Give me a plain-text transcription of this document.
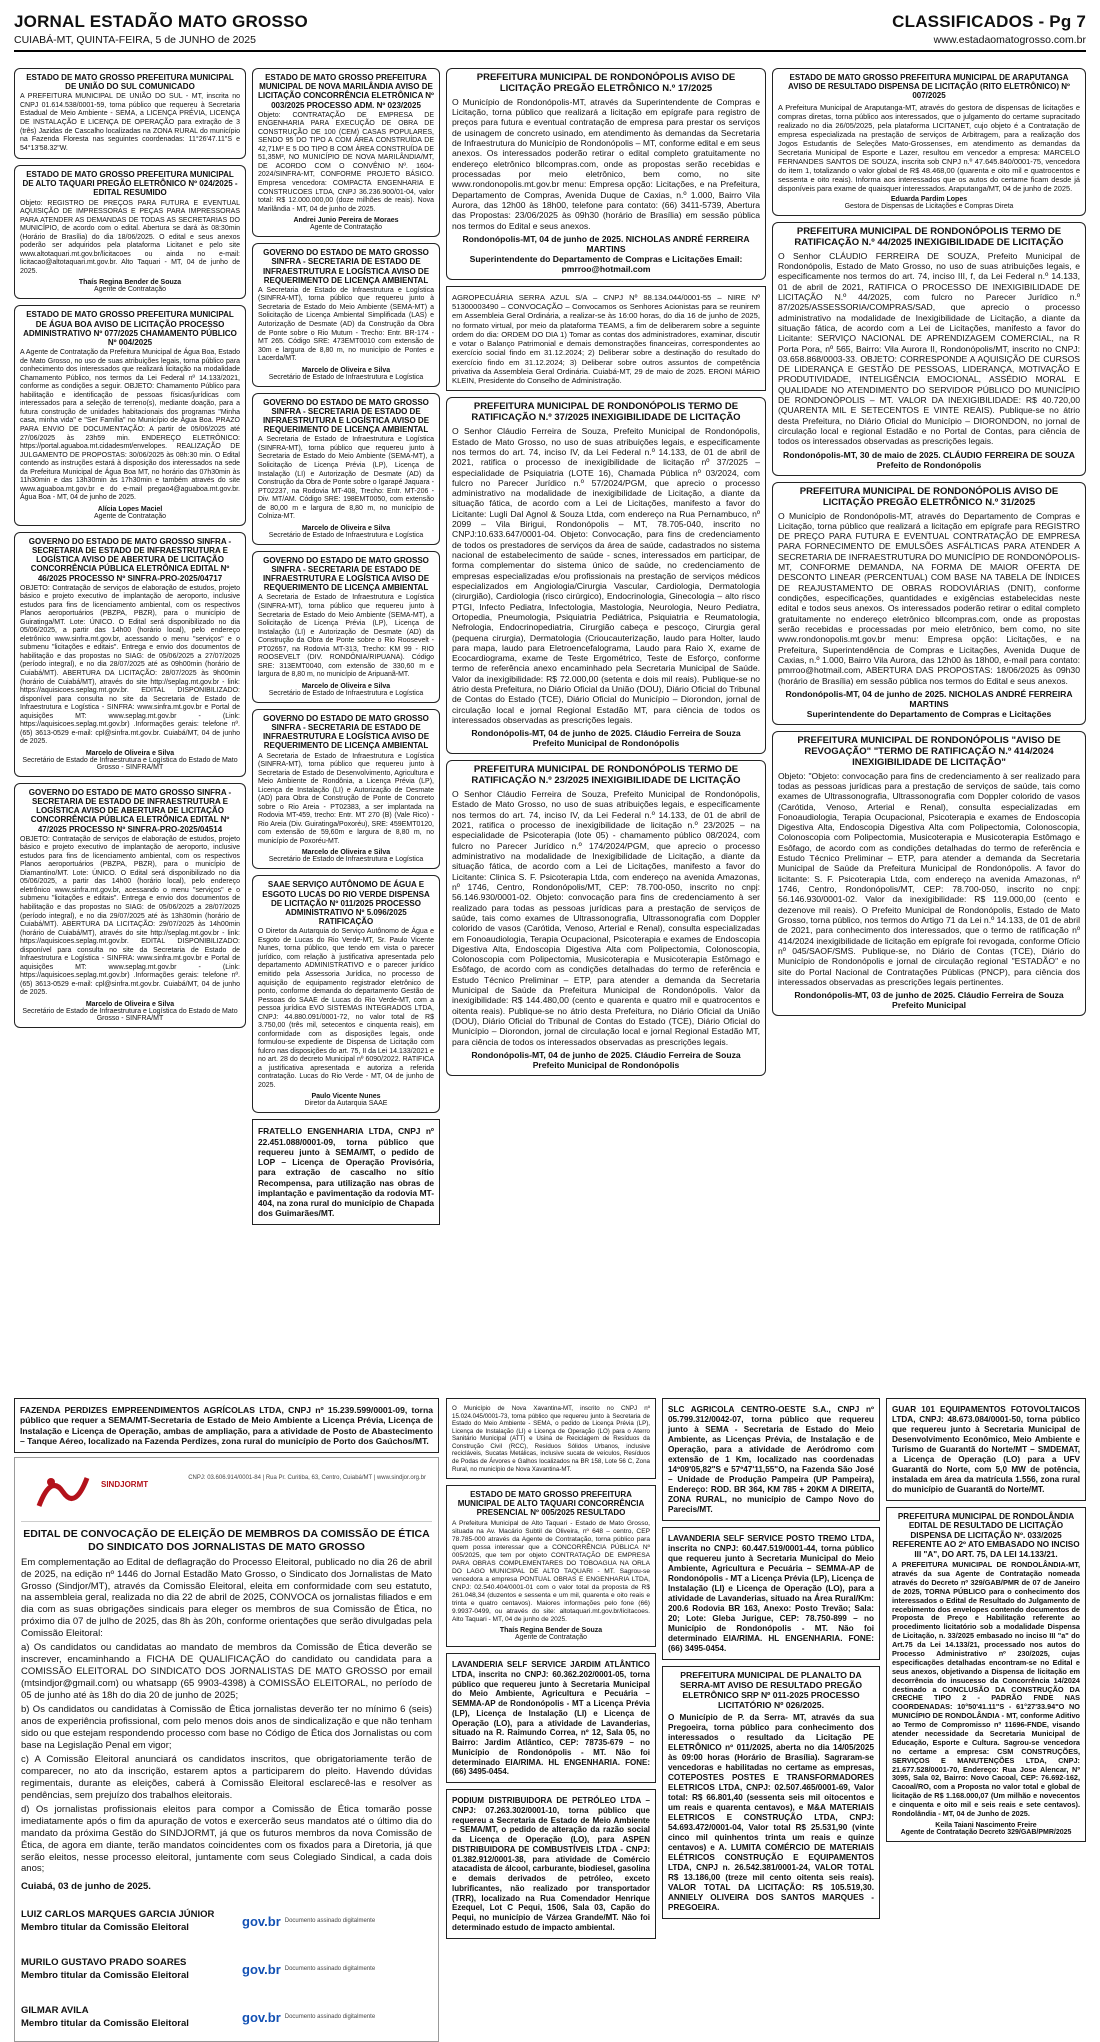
JORNAL ESTADÃO MATO GROSSO
CUIABÁ-MT, QUINTA-FEIRA, 5 de JUNHO de 2025
CLASSIFICADOS - Pg 7
www.estadaomatogrosso.com.br
ESTADO DE MATO GROSSO PREFEITURA MUNICIPAL DE UNIÃO DO SUL COMUNICADO

A PREFEITURA MUNICIPAL DE UNIÃO DO SUL - MT, inscrita no CNPJ 01.614.538/0001-59, torna público que requereu à Secretaria Estadual de Meio Ambiente - SEMA, a LICENÇA PRÉVIA, LICENÇA DE INSTALAÇÃO E LICENÇA DE OPERAÇÃO para extração de 3 (três) Jazidas de Cascalho localizadas na ZONA RURAL do município na Fazenda Floresta nas seguintes coordenadas: 11°26'47.11"S e 54°13'58.32"W.

ESTADO DE MATO GROSSO PREFEITURA MUNICIPAL DE ALTO TAQUARI PREGÃO ELETRÔNICO Nº 024/2025 - EDITAL RESUMIDO

Objeto: REGISTRO DE PREÇOS PARA FUTURA E EVENTUAL AQUISIÇÃO DE IMPRESSORAS E PEÇAS PARA IMPRESSORAS PARA ATENDER AS DEMANDAS DE TODAS AS SECRETARIAS DO MUNICÍPIO, de acordo com o edital. Abertura se dará às 08:30min (Horário de Brasília) do dia 18/06/2025. O edital e seus anexos poderão ser adquiridos pela plataforma Licitanet e pelo site www.altotaquari.mt.gov.br/licitacoes ou ainda no e-mail: licitacao@altotaquari.mt.gov.br. Alto Taquari - MT, 04 de junho de 2025.

Thaís Regina Bender de Souza
Agente de Contratação
ESTADO DE MATO GROSSO PREFEITURA MUNICIPAL DE ÁGUA BOA AVISO DE LICITAÇÃO PROCESSO ADMINISTRATIVO Nº 077/2025 CHAMAMENTO PÚBLICO Nº 004/2025

A Agente de Contratação da Prefeitura Municipal de Água Boa, Estado de Mato Grosso, no uso de suas atribuições legais, torna público para conhecimento dos interessados que realizará licitação na modalidade Chamamento Público, nos termos da Lei Federal nº 14.133/2021, conforme as condições a seguir. OBJETO: Chamamento Público para habilitação e identificação de pessoas físicas/jurídicas com interessados para a seleção de terreno(s), mediante doação, para a futura construção de unidades habitacionais dos programas "Minha casa, minha vida" e "Ser Família" no Município de Água Boa. PRAZO PARA ENVIO DE DOCUMENTAÇÃO: A partir de 05/06/2025 até 27/06/2025 às 23h59 min. ENDEREÇO ELETRÔNICO: https://portal.aguaboa.mt.cidadesmt/envelopes. REALIZAÇÃO DE JULGAMENTO DE PROPOSTAS: 30/06/2025 às 08h:30 min. O Edital contendo as instruções estará à disposição dos interessados na sede da Prefeitura Municipal de Água Boa MT, no horário das 07h30min às 11h30min e das 13h30min às 17h30min e também através do site www.aguaboa.mt.gov.br e do e-mail pregao4@aguaboa.mt.gov.br. Água Boa - MT, 04 de junho de 2025.

Alícia Lopes Maciel
Agente de Contratação
GOVERNO DO ESTADO DE MATO GROSSO SINFRA - SECRETARIA DE ESTADO DE INFRAESTRUTURA E LOGÍSTICA AVISO DE ABERTURA DE LICITAÇÃO CONCORRÊNCIA PÚBLICA ELETRÔNICA EDITAL Nº 46/2025 PROCESSO Nº SINFRA-PRO-2025/04717

OBJETO: Contratação de serviços de elaboração de estudos, projeto básico e projeto executivo de implantação de aeroporto, inclusive estudos para fins de licenciamento ambiental, com os respectivos Planos aeroportuários (PBZPA, PBZR), para o município de Guiratinga/MT. Lote: ÚNICO. O Edital será disponibilizado no dia 05/06/2025, a partir das 14h00 (horário local), pelo endereço eletrônico www.sinfra.mt.gov.br, acessando o menu "serviços" e o submenu "licitações e editais". Entrega e envio dos documentos de habilitação e das propostas no SIAG: de 05/06/2025 a 27/07/2025 (período integral), e no dia 28/07/2025 até as 09h00min (horário de Cuiabá/MT). ABERTURA DA LICITAÇÃO: 28/07/2025 às 9h00min (horário de Cuiabá/MT), através do site http://seplag.mt.gov.br - link: https://aquisicoes.seplag.mt.gov.br. EDITAL DISPONIBILIZADO: disponível para consulta no site da Secretaria de Estado de Infraestrutura e Logística - SINFRA: www.sinfra.mt.gov.br e Portal de aquisições MT: www.seplag.mt.gov.br - (Link: https://aquisicoes.seplag.mt.gov.br) .Informações gerais: telefone nº. (65) 3613-0529 e-mail: cpl@sinfra.mt.gov.br. Cuiabá/MT, 04 de junho de 2025.

Marcelo de Oliveira e Silva
Secretário de Estado de Infraestrutura e Logística do Estado de Mato Grosso - SINFRA/MT
GOVERNO DO ESTADO DE MATO GROSSO SINFRA - SECRETARIA DE ESTADO DE INFRAESTRUTURA E LOGÍSTICA AVISO DE ABERTURA DE LICITAÇÃO CONCORRÊNCIA PÚBLICA ELETRÔNICA EDITAL Nº 47/2025 PROCESSO Nº SINFRA-PRO-2025/04514

OBJETO: Contratação de serviços de elaboração de estudos, projeto básico e projeto executivo de implantação de aeroporto, inclusive estudos para fins de licenciamento ambiental, com os respectivos Planos aeroportuários (PBZPA, PBZR), para o município de Diamantino/MT. Lote: ÚNICO. O Edital será disponibilizado no dia 05/06/2025, a partir das 14h00 (horário local), pelo endereço eletrônico www.sinfra.mt.gov.br, acessando o menu "serviços" e o submenu "licitações e editais". Entrega e envio dos documentos de habilitação e das propostas no SIAG: de 05/06/2025 a 28/07/2025 (período integral), e no dia 29/07/2025 até às 13h30min (horário de Cuiabá/MT). ABERTURA DA LICITAÇÃO: 29/07/2025 às 14h00min (horário de Cuiabá/MT), através do site http://seplag.mt.gov.br - link: https://aquisicoes.seplag.mt.gov.br. EDITAL DISPONIBILIZADO: disponível para consulta no site da Secretaria de Estado de Infraestrutura e Logística - SINFRA: www.sinfra.mt.gov.br e Portal de aquisições MT: www.seplag.mt.gov.br - (Link: https://aquisicoes.seplag.mt.gov.br) .Informações gerais: telefone nº. (65) 3613-0529 e-mail: cpl@sinfra.mt.gov.br. Cuiabá/MT, 04 de junho de 2025.

Marcelo de Oliveira e Silva
Secretário de Estado de Infraestrutura e Logística do Estado de Mato Grosso - SINFRA/MT
ESTADO DE MATO GROSSO PREFEITURA MUNICIPAL DE NOVA MARILÂNDIA AVISO DE LICITAÇÃO CONCORRÊNCIA ELETRÔNICA Nº 003/2025 PROCESSO ADM. Nº 023/2025

Objeto: CONTRATAÇÃO DE EMPRESA DE ENGENHARIA PARA EXECUÇÃO DE OBRA DE CONSTRUÇÃO DE 100 (CEM) CASAS POPULARES, SENDO 95 DO TIPO A COM ÁREA CONSTRUÍDA DE 42,71M² E 5 DO TIPO B COM ÁREA CONSTRUÍDA DE 51,35M², NO MUNICÍPIO DE NOVA MARILÂNDIA/MT, DE ACORDO COM O CONVÊNIO Nº. 1604-2024/SINFRA-MT, CONFORME PROJETO BÁSICO. Empresa vencedora: COMPACTA ENGENHARIA E CONSTRUCOES LTDA, CNPJ 36.236.900/01-04, valor total: R$ 12.000.000,00 (doze milhões de reais). Nova Marilândia - MT, 04 de junho de 2025.

Andrei Junio Pereira de Moraes
Agente de Contratação
GOVERNO DO ESTADO DE MATO GROSSO SINFRA - SECRETARIA DE ESTADO DE INFRAESTRUTURA E LOGÍSTICA AVISO DE REQUERIMENTO DE LICENÇA AMBIENTAL

A Secretaria de Estado de Infraestrutura e Logística (SINFRA-MT), torna público que requereu junto à Secretaria de Estado do Meio Ambiente (SEMA-MT) a Solicitação de Licença Ambiental Simplificada (LAS) e Autorização de Desmate (AD) da Construção da Obra de Ponte sobre o Rio Mutum - Trecho: Entr. BR-174 - MT 265. Código SRE: 473EMT0010 com extensão de 30m e largura de 8,80 m, no município de Pontes e Lacerda/MT.

Marcelo de Oliveira e Silva
Secretário de Estado de Infraestrutura e Logística
GOVERNO DO ESTADO DE MATO GROSSO SINFRA - SECRETARIA DE ESTADO DE INFRAESTRUTURA E LOGÍSTICA AVISO DE REQUERIMENTO DE LICENÇA AMBIENTAL

A Secretaria de Estado de Infraestrutura e Logística (SINFRA-MT), torna público que requereu junto à Secretaria de Estado do Meio Ambiente (SEMA-MT), a Solicitação de Licença Prévia (LP), Licença de Instalação (LI) e Autorização de Desmate (AD) da Construção da Obra de Ponte sobre o Igarapé Jaquara - PT02237, na Rodovia MT-408, Trecho: Entr. MT-206 - Div. MT/AM. Código SRE: 198EMT0050, com extensão de 80,00 m e largura de 8,80 m, no município de Colniza-MT.

Marcelo de Oliveira e Silva
Secretário de Estado de Infraestrutura e Logística
GOVERNO DO ESTADO DE MATO GROSSO SINFRA - SECRETARIA DE ESTADO DE INFRAESTRUTURA E LOGÍSTICA AVISO DE REQUERIMENTO DE LICENÇA AMBIENTAL

A Secretaria de Estado de Infraestrutura e Logística (SINFRA-MT), torna público que requereu junto à Secretaria de Estado do Meio Ambiente (SEMA-MT), a Solicitação de Licença Prévia (LP), Licença de Instalação (LI) e Autorização de Desmate (AD) da Construção da Obra de Ponte sobre o Rio Roosevelt - PT02657, na Rodovia MT-313, Trecho: KM 99 - RIO ROOSEVELT (DIV. RONDÔNIA/RIPUANA). Código SRE: 313EMT0040, com extensão de 330,60 m e largura de 8,80 m, no município de Aripuanã-MT.

Marcelo de Oliveira e Silva
Secretário de Estado de Infraestrutura e Logística
GOVERNO DO ESTADO DE MATO GROSSO SINFRA - SECRETARIA DE ESTADO DE INFRAESTRUTURA E LOGÍSTICA AVISO DE REQUERIMENTO DE LICENÇA AMBIENTAL

A Secretaria de Estado de Infraestrutura e Logística (SINFRA-MT), torna público que requereu junto à Secretaria de Estado de Desenvolvimento, Agricultura e Meio Ambiente de Rondônia, a Licença Prévia (LP), Licença de Instalação (LI) e Autorização de Desmate (AD) para Obra de Construção de Ponte de Concreto sobre o Rio Areia - PT02383, a ser implantada na Rodovia MT-459, trecho: Entr. MT 270 (B) (Vale Rico) - Rio Areia (Div. Guiratinga/Poxoréu), SRE: 459EMT0120, com extensão de 59,60m e largura de 8,80 m, no município de Poxoréu-MT.

Marcelo de Oliveira e Silva
Secretário de Estado de Infraestrutura e Logística
SAAE SERVIÇO AUTÔNOMO DE ÁGUA E ESGOTO LUCAS DO RIO VERDE DISPENSA DE LICITAÇÃO Nº 011/2025 PROCESSO ADMINISTRATIVO Nº 5.096/2025 RATIFICAÇÃO

O Diretor da Autarquia do Serviço Autônomo de Água e Esgoto de Lucas do Rio Verde-MT, Sr. Paulo Vicente Nunes, torna público, que tendo em vista o parecer jurídico, com relação à justificativa apresentada pelo departamento ADMINISTRATIVO e o parecer jurídico emitido pela Assessoria Jurídica, no processo de aquisição de equipamento registrador eletrônico de ponto, conforme demanda do departamento Gestão de Pessoas do SAAE de Lucas do Rio Verde-MT, com a pessoa jurídica EVO SISTEMAS INTEGRADOS LTDA, CNPJ: 44.880.091/0001-72, no valor total de R$ 3.750,00 (três mil, setecentos e cinquenta reais), em conformidade com as disposições legais, onde formulou-se expediente de Dispensa de Licitação com fulcro nas disposições do art. 75, II da Lei 14.133/2021 e no art. 28 do decreto Municipal nº 6090/2022. RATIFICA a justificativa apresentada e autoriza a referida contratação. Lucas do Rio Verde - MT, 04 de junho de 2025.

Paulo Vicente Nunes
Diretor da Autarquia SAAE

FRATELLO ENGENHARIA LTDA, CNPJ nº 22.451.088/0001-09, torna público que requereu junto à SEMA/MT, o pedido de LOP – Licença de Operação Provisória, para extração de cascalho no sítio Recompensa, para utilização nas obras de implantação e pavimentação da rodovia MT-404, na zona rural do município de Chapada dos Guimarães/MT.

PREFEITURA MUNICIPAL DE RONDONÓPOLIS AVISO DE LICITAÇÃO PREGÃO ELETRÔNICO N.º 17/2025

O Município de Rondonópolis-MT, através da Superintendente de Compras e Licitação, torna público que realizará a licitação em epígrafe para registro de preços para futura e eventual contratação de empresa para prestar os serviços de usinagem de concreto usinado, em atendimento às demandas da Secretaria de Infraestrutura do Município de Rondonópolis – MT, conforme edital e em seus anexos. Os interessados poderão retirar o edital completo gratuitamente no endereço eletrônico bllcompras.com, onde as propostas serão recebidas e processadas por meio eletrônico, bem como, no site www.rondonopolis.mt.gov.br menu: Empresa opção: Licitações, e na Prefeitura, Departamento de Compras, Avenida Duque de Caxias, n.º 1.000, Bairro Vila Aurora, das 12h00 às 18h00, telefone para contato: (66) 3411-5739, Abertura das Propostas: 23/06/2025 às 09h30 (horário de Brasília) em sessão pública nos termos do Edital e seus anexos.

Rondonópolis-MT, 04 de junho de 2025. NICHOLAS ANDRÉ FERREIRA MARTINS
Superintendente do Departamento de Compras e Licitações Email: pmrroo@hotmail.com

AGROPECUÁRIA SERRA AZUL S/A – CNPJ Nº 88.134.044/0001-55 – NIRE Nº 51300003490 – CONVOCAÇÃO – Convocamos os Senhores Acionistas para se reunirem em Assembleia Geral Ordinária, a realizar-se às 16:00 horas, do dia 16 de junho de 2025, no formato virtual, por meio da plataforma TEAMS, a fim de deliberarem sobre a seguinte ordem do dia: ORDEM DO DIA 1) Tomar as contas dos administradores, examinar, discutir e votar o Balanço Patrimonial e demais demonstrações financeiras, correspondentes ao exercício social findo em 31.12.2024; 2) Deliberar sobre a destinação do resultado do exercício findo em 31.12.2024; 3) Deliberar sobre outros assuntos de competência privativa da Assembleia Geral Ordinária. Cuiabá-MT, 29 de maio de 2025. ERONI MÁRIO KLEIN, Presidente do Conselho de Administração.

PREFEITURA MUNICIPAL DE RONDONÓPOLIS TERMO DE RATIFICAÇÃO N.º 37/2025 INEXIGIBILIDADE DE LICITAÇÃO

O Senhor Cláudio Ferreira de Souza, Prefeito Municipal de Rondonópolis, Estado de Mato Grosso, no uso de suas atribuições legais, e especificamente nos termos do art. 74, inciso IV, da Lei Federal n.º 14.133, de 01 de abril de 2021, ratifica o processo de inexigibilidade de licitação nº 37/2025 – especialidade de Psiquiatria (LOTE 16), Chamada Pública nº 03/2024, com fulcro no Parecer Jurídico n.º 57/2024/PGM, que aprecio o processo administrativo na modalidade de inexigibilidade de Licitação, a diante da situação fática, de acordo com a Lei de Licitações, manifesto a favor do Licitante: Lugli Dal Agnol & Souza Ltda, com endereço na Rua Pernambuco, nº 2099 – Vila Birigui, Rondonópolis – MT, 78.705-040, inscrito no CNPJ:10.633.647/0001-04. Objeto: Convocação, para fins de credenciamento de todos os prestadores de serviços da área de saúde, cadastrados no sistema nacional de estabelecimento de saúde - scnes, interessados em participar, de forma complementar do sistema único de saúde, no credenciamento de empresas especializadas e/ou profissionais na prestação de serviços médicos especializados em Angiologia/Cirurgia Vascular, Cardiologia, Dermatologia (cirurgião), Cardiologia (risco cirúrgico), Endocrinologia, Ginecologia – alto risco PTGI, Infecto Pediatra, Infectologia, Mastologia, Neurologia, Neuro Pediatra, Ortopedia, Pneumologia, Psiquiatria Pediátrica, Psiquiatria e Reumatologia, Nefrologia, Endocrinopediatria, Cirurgião cabeça e pescoço, Cirurgia geral (pequena cirurgia), Dermatologia (Crioucauterização, laudo para Holter, laudo para mapa, laudo para Eletroencefalograma, Laudo para Raio X, exame de Ecocardiograma, exame de Teste Ergométrico, Teste de Esforço, conforme termo de referência anexo encaminhado pela Secretaria Municipal de Saúde. Valor da inexigibilidade: R$ 72.000,00 (setenta e dois mil reais). Publique-se no átrio desta Prefeitura, no Diário Oficial da União (DOU), Diário Oficial do Tribunal de Contas do Estado (TCE), Diário Oficial do Município – Diorondon, jornal de circulação local e jornal Regional Estadão MT, para ciência de todos os interessados observadas as prescrições legais.

Rondonópolis-MT, 04 de junho de 2025. Cláudio Ferreira de Souza
Prefeito Municipal de Rondonópolis
PREFEITURA MUNICIPAL DE RONDONÓPOLIS TERMO DE RATIFICAÇÃO N.º 23/2025 INEXIGIBILIDADE DE LICITAÇÃO

O Senhor Cláudio Ferreira de Souza, Prefeito Municipal de Rondonópolis, Estado de Mato Grosso, no uso de suas atribuições legais, e especificamente nos termos do art. 74, inciso IV, da Lei Federal n.º 14.133, de 01 de abril de 2021, ratifica o processo de inexigibilidade de licitação n.º 23/2025 – na especialidade de Psicoterapia (lote 05) - chamamento público 08/2024, com fulcro no Parecer Jurídico n.º 174/2024/PGM, que aprecio o processo administrativo na modalidade de Inexigibilidade de Licitação, a diante da situação fática, de acordo com a Lei de Licitações, manifesto a favor do Licitante: Clinica S. F. Psicoterapia Ltda, com endereço na avenida Amazonas, nº 1746, Centro, Rondonópolis/MT, CEP: 78.700-050, inscrito no cnpj: 56.146.930/0001-02. Objeto: convocação para fins de credenciamento à ser realizado para todas as pessoas jurídicas para a prestação de serviços de saúde, tais como exames de Ultrassonografia, Ultrassonografia com Doppler colorido de vasos (Carótida, Venoso, Arterial e Renal), consulta especializadas em Fonoaudiologia, Terapia Ocupacional, Psicoterapia e exames de Endoscopia Digestiva Alta, Endoscopia Digestiva Alta com Polipectomia, Colonoscopia, Colonoscopia com Polipectomia, Musicoterapia e Musicoterapia Estômago e Esôfago, de acordo com as condições detalhadas do termo de referência e Estudo Técnico Preliminar – ETP, para atender a demanda da Secretaria Municipal de Saúde da Prefeitura Municipal de Rondonópolis. Valor da inexigibilidade: R$ 144.480,00 (cento e quarenta e quatro mil e quatrocentos e oitenta reais). Publique-se no átrio desta Prefeitura, no Diário Oficial da União (DOU), Diário Oficial do Tribunal de Contas do Estado (TCE), Diário Oficial do Município – Diorondon, jornal de circulação local e jornal Regional Estadão MT, para ciência de todos os interessados observadas as prescrições legais.

Rondonópolis-MT, 04 de junho de 2025. Cláudio Ferreira de Souza
Prefeito Municipal de Rondonópolis
ESTADO DE MATO GROSSO PREFEITURA MUNICIPAL DE ARAPUTANGA AVISO DE RESULTADO DISPENSA DE LICITAÇÃO (RITO ELETRÔNICO) Nº 007/2025

A Prefeitura Municipal de Araputanga-MT, através do gestora de dispensas de licitações e compras diretas, torna público aos interessados, que o julgamento do certame supracitado realizado no dia 26/05/2025, pela plataforma LICITANET, cujo objeto é a Contratação de empresa especializada na prestação de serviços de Arbitragem, para a realização dos Jogos Estudantis de Seleções Mato-Grossenses, em atendimento as demandas da Secretaria Municipal de Esporte e Lazer, resultou em vencedor a empresa: MARCELO FERNANDES SANTOS DE SOUZA, inscrita sob CNPJ n.º 47.645.840/0001-75, vencedora do item 1, totalizando o valor global de R$ 48.468,00 (quarenta e oito mil e quatrocentos e sessenta e oito reais). Informa aos interessados que os autos do certame ficam desde já disponíveis para exame de quaisquer interessados. Araputanga/MT, 04 de junho de 2025.

Eduarda Pardim Lopes
Gestora de Dispensas de Licitações e Compras Direta
PREFEITURA MUNICIPAL DE RONDONÓPOLIS TERMO DE RATIFICAÇÃO N.º 44/2025 INEXIGIBILIDADE DE LICITAÇÃO

O Senhor CLÁUDIO FERREIRA DE SOUZA, Prefeito Municipal de Rondonópolis, Estado de Mato Grosso, no uso de suas atribuições legais, e especificamente nos termos do art. 74, inciso III, f, da Lei Federal n.º 14.133, 01 de abril de 2021, RATIFICA O PROCESSO DE INEXIGIBILIDADE DE LICITAÇÃO N.º 44/2025, com fulcro no Parecer Jurídico n.º 87/2025/ASSESSORIA/COMPRAS/SAD, que aprecio o processo administrativo na modalidade de Inexigibilidade de Licitação, a diante da situação fática, de acordo com a Lei de Licitações, manifesto a favor do Licitante: SERVIÇO NACIONAL DE APRENDIZAGEM COMERCIAL, na R Porta Pora, nº 565, Bairro: Vila Aurora II, Rondonópolis/MT, inscrito no CNPJ: 03.658.868/0003-33. OBJETO: CORRESPONDE A AQUISIÇÃO DE CURSOS DE LIDERANÇA E GESTÃO DE PESSOAS, LIDERANÇA, MOTIVAÇÃO E PRODUTIVIDADE, INTELIGÊNCIA EMOCIONAL, ASSÉDIO MORAL E QUALIDADE NO ATENDIMENTO DO SERVIDOR PÚBLICO DO MUNICÍPIO DE RONDONÓPOLIS – MT. VALOR DA INEXIGIBILIDADE: R$ 40.720,00 (QUARENTA MIL E SETECENTOS E VINTE REAIS). Publique-se no átrio desta Prefeitura, no Diário Oficial do Município – DIORONDON, no jornal de circulação local e regional Estadão e no Portal de Contas, para ciência de todos os interessados observadas as prescrições legais.

Rondonópolis-MT, 30 de maio de 2025. CLÁUDIO FERREIRA DE SOUZA
Prefeito de Rondonópolis
PREFEITURA MUNICIPAL DE RONDONÓPOLIS AVISO DE LICITAÇÃO PREGÃO ELETRÔNICO N.º 31/2025

O Município de Rondonópolis-MT, através do Departamento de Compras e Licitação, torna público que realizará a licitação em epígrafe para REGISTRO DE PREÇO PARA FUTURA E EVENTUAL CONTRATAÇÃO DE EMPRESA PARA FORNECIMENTO DE EMULSÕES ASFÁLTICAS PARA ATENDER A SECRETARIA DE INFRAESTRUTURA DO MUNICÍPIO DE RONDONÓPOLIS-MT, CONFORME DEMANDA, NA FORMA DE MAIOR OFERTA DE DESCONTO LINEAR (PERCENTUAL) COM BASE NA TABELA DE ÍNDICES DE REAJUSTAMENTO DE OBRAS RODOVIÁRIAS (DNIT), conforme condições, especificações, quantidades e exigências estabelecidas neste edital e todos seus anexos. Os interessados poderão retirar o edital completo gratuitamente no endereço eletrônico bllcompras.com, onde as propostas serão recebidas e processadas por meio eletrônico, bem como, no site www.rondonopolis.mt.gov.br menu: Empresa opção: Licitações, e na Prefeitura, Superintendência de Compras e Licitações, Avenida Duque de Caxias, n.º 1.000, Bairro Vila Aurora, das 12h00 às 18h00, e-mail para contato: pmrroo@hotmail.com, ABERTURA DAS PROPOSTAS: 18/06/2025 às 09h30 (horário de Brasília) em sessão pública nos termos do Edital e seus anexos.

Rondonópolis-MT, 04 de junho de 2025. NICHOLAS ANDRÉ FERREIRA MARTINS
Superintendente do Departamento de Compras e Licitações
PREFEITURA MUNICIPAL DE RONDONÓPOLIS "AVISO DE REVOGAÇÃO" "TERMO DE RATIFICAÇÃO N.º 414/2024 INEXIGIBILIDADE DE LICITAÇÃO"

Objeto: "Objeto: convocação para fins de credenciamento à ser realizado para todas as pessoas jurídicas para a prestação de serviços de saúde, tais como exames de Ultrassonografia, Ultrassonografia com Doppler colorido de vasos (Carótida, Venoso, Arterial e Renal), consulta especializadas em Fonoaudiologia, Terapia Ocupacional, Psicoterapia e exames de Endoscopia Digestiva Alta, Endoscopia Digestiva Alta com Polipectomia, Colonoscopia, Colonoscopia com Polipectomia, Musicoterapia e Musicoterapia Estômago e Esôfago, de acordo com as condições detalhadas do termo de referência e Estudo Técnico Preliminar – ETP, para atender a demanda da Secretaria Municipal de Saúde da Prefeitura Municipal de Rondonópolis. A favor do licitante: S. F. Psicoterapia Ltda, com endereço na avenida Amazonas, nº 1746, Centro, Rondonópolis/MT, CEP: 78.700-050, inscrito no cnpj: 56.146.930/0001-02. Valor da inexigibilidade: R$ 119.000,00 (cento e dezenove mil reais). O Prefeito Municipal de Rondonópolis, Estado de Mato Grosso, torna público, nos termos do Artigo 71 da Lei n.º 14.133, de 01 de abril de 2021, para conhecimento dos interessados, que o termo de ratificação nº 414/2024 inexigibilidade de licitação em epígrafe foi revogada, conforme Ofício nº 045/SAOF/SMS. Publique-se, no Diário de Contas (TCE), Diário do Município de Rondonópolis e jornal de circulação regional "ESTADÃO" e no site do Portal Nacional de Contratações Públicas (PNCP), para ciência dos interessados observadas as prescrições legais pertinentes.

Rondonópolis-MT, 03 de junho de 2025. Cláudio Ferreira de Souza
Prefeito Municipal

FAZENDA PERDIZES EMPREENDIMENTOS AGRÍCOLAS LTDA, CNPJ nº 15.239.599/0001-09, torna público que requer a SEMA/MT-Secretaria de Estado de Meio Ambiente a Licença Prévia, Licença de Instalação e Licença de Operação, ambas de ampliação, para a atividade de Posto de Abastecimento – Tanque Aéreo, localizado na Fazenda Perdizes, zona rural do município de Porto dos Gaúchos/MT.

SINDJORMT
CNPJ: 03.606.914/0001-84 | Rua Pr. Curitiba, 63, Centro, Cuiabá/MT | www.sindjor.org.br
EDITAL DE CONVOCAÇÃO DE ELEIÇÃO DE MEMBROS DA COMISSÃO DE ÉTICA DO SINDICATO DOS JORNALISTAS DE MATO GROSSO

Em complementação ao Edital de deflagração do Processo Eleitoral, publicado no dia 26 de abril de 2025, na edição nº 1446 do Jornal Estadão Mato Grosso, o Sindicato dos Jornalistas de Mato Grosso (Sindjor/MT), através da Comissão Eleitoral, eleita em conformidade com seu estatuto, na assembleia geral, realizada no dia 22 de abril de 2025, CONVOCA os jornalistas filiados e em dia com as suas obrigações sindicais para eleger os membros de sua Comissão de Ética, no próximo dia 07 de julho de 2025, das 8h às 20h, conforme orientações que serão divulgadas pela Comissão Eleitoral:

a) Os candidatos ou candidatas ao mandato de membros da Comissão de Ética deverão se inscrever, encaminhando a FICHA DE QUALIFICAÇÃO do candidato ou candidata para a COMISSÃO ELEITORAL DO SINDICATO DOS JORNALISTAS DE MATO GROSSO por email (mtsindjor@gmail.com) ou whatsapp (65 9903-4398) à COMISSÃO ELEITORAL, no período de 05 de junho até às 18h do dia 20 de junho de 2025;

b) Os candidatos ou candidatas à Comissão de Ética jornalistas deverão ter no mínimo 6 (seis) anos de experiência profissional, com pelo menos dois anos de sindicalização e que não tenham sido ou que estejam respondendo processo com base no Código de Ética dos Jornalistas ou com base na Legislação Penal em vigor;

c) A Comissão Eleitoral anunciará os candidatos inscritos, que obrigatoriamente terão de comparecer, no ato da inscrição, estarem aptos a participarem do pleito. Havendo dúvidas regimentais, durante as eleições, caberá à Comissão Eleitoral esclarecê-las e resolver as pendências, sem prejuízo dos trabalhos eleitorais.

d) Os jornalistas profissionais eleitos para compor a Comissão de Ética tomarão posse imediatamente após o fim da apuração de votos e exercerão seus mandatos até o último dia do mandato da próxima Gestão do SINDJORMT, já que os futuros membros da nova Comissão de Ética, de agora em diante, terão mandatos coincidentes com os fixados para a Diretoria, já que serão eleitos, nesse processo eleitoral, juntamente com seus Colegiado Sindical, a cada dois anos;

Cuiabá, 03 de junho de 2025.

LUIZ CARLOS MARQUES GARCIA JÚNIOR
Membro titular da Comissão Eleitoral	gov.br Documento assinado digitalmente
MURILO GUSTAVO PRADO SOARES
Membro titular da Comissão Eleitoral	gov.br Documento assinado digitalmente
GILMAR AVILA
Membro titular da Comissão Eleitoral	gov.br Documento assinado digitalmente

O Município de Nova Xavantina-MT, inscrito no CNPJ nº 15.024.045/0001-73, torna público que requereu junto à Secretaria de Estado do Meio Ambiente - SEMA, o pedido de Licença Prévia (LP), Licença de Instalação (LI) e Licença de Operação (LO) para o Aterro Sanitário Municipal (ATT) e Usina de Reciclagem de Resíduos da Construção Civil (RCC), Resíduos Sólidos Urbanos, inclusive recicláveis, Sucatas Metálicas, inclusive sucata de veículos, Resíduos de Podas de Árvores e Galhos localizados na BR 158, Lote 56 C, Zona Rural, no município de Nova Xavantina-MT.

ESTADO DE MATO GROSSO PREFEITURA MUNICIPAL DE ALTO TAQUARI CONCORRÊNCIA PRESENCIAL Nº 005/2025 RESULTADO

A Prefeitura Municipal de Alto Taquari - Estado de Mato Grosso, situada na Av. Macário Subtil de Oliveira, nº 648 – centro, CEP 78.785-000 através da Agente de Contratação, torna público para quem possa interessar que a CONCORRÊNCIA PÚBLICA Nº 005/2025, que tem por objeto CONTRATAÇÃO DE EMPRESA PARA OBRAS COMPLEMENTARES DO TOBOAGUA NA ORLA DO LAGO MUNICIPAL DE ALTO TAQUARI - MT. Sagrou-se vencedora a empresa PONTUAL OBRAS E ENGENHARIA LTDA, CNPJ: 02.540.404/0001-01 com o valor total da proposta de R$ 261.048,34 (duzentos e sessenta e um mil, quarenta e oito reais e trinta e quatro centavos). Maiores informações pelo fone (66) 9.9937-0499, ou através do site: altotaquari.mt.gov.br/licitacoes. Alto Taquari - MT, 04 de junho de 2025.

Thaís Regina Bender de Souza
Agente de Contratação

LAVANDERIA SELF SERVICE JARDIM ATLÂNTICO LTDA, inscrita no CNPJ: 60.362.202/0001-05, torna público que requereu junto à Secretaria Municipal do Meio Ambiente, Agricultura e Pecuária – SEMMA-AP de Rondonópolis - MT a Licença Prévia (LP), Licença de Instalação (LI) e Licença de Operação (LO), para a atividade de Lavanderias, situado na R. Raimundo Correa, nº 12, Sala 05, no Bairro: Jardim Atlântico, CEP: 78735-679 – no Município de Rondonópolis - MT. Não foi determinado EIA/RIMA. HL ENGENHARIA. FONE: (66) 3495-0454.

PODIUM DISTRIBUIDORA DE PETRÓLEO LTDA – CNPJ: 07.263.302/0001-10, torna público que requereu a Secretaria de Estado de Meio Ambiente – SEMA/MT, o pedido de alteração da razão social da Licença de Operação (LO), para ASPEN DISTRIBUIDORA DE COMBUSTÍVEIS LTDA - CNPJ: 01.382.912/0001-38, para atividade de Comércio atacadista de álcool, carburante, biodiesel, gasolina e demais derivados de petróleo, exceto lubrificantes, não realizado por transportador (TRR), localizado na Rua Comendador Henrique Ezequel, Lot C Pequi, 1506, Sala 03, Capão do Pequi, no município de Várzea Grande/MT. Não foi determinado estudo de impacto ambiental.

SLC AGRICOLA CENTRO-OESTE S.A., CNPJ nº 05.799.312/0042-07, torna público que requereu junto à SEMA - Secretaria de Estado do Meio Ambiente, as Licenças Prévia, de Instalação e de Operação, para a atividade de Aeródromo com extensão de 1 Km, localizado nas coordenadas 14º09'05,82"S e 57º47'11,55"O, na Fazenda São José – Unidade de Produção Pampeira (UP Pampeira), Endereço: ROD. BR 364, KM 785 + 20KM A DIREITA, ZONA RURAL, no município de Campo Novo do Parecis/MT.

LAVANDERIA SELF SERVICE POSTO TREMO LTDA, inscrita no CNPJ: 60.447.519/0001-44, torna público que requereu junto à Secretaria Municipal do Meio Ambiente, Agricultura e Pecuária – SEMMA-AP de Rondonópolis - MT a Licença Prévia (LP), Licença de Instalação (LI) e Licença de Operação (LO), para a atividade de Lavanderias, situado na Área Rural/Km: 200.6 Rodovia BR 163, Anexo: Posto Trevão; Sala: 20; Lote: Gleba Jurigue, CEP: 78.750-899 – no Município de Rondonópolis - MT. Não foi determinado EIA/RIMA. HL ENGENHARIA. FONE: (66) 3495-0454.

PREFEITURA MUNICIPAL DE PLANALTO DA SERRA-MT AVISO DE RESULTADO PREGÃO ELETRÔNICO SRP Nº 011-2025 PROCESSO LICITATÓRIO Nº 026/2025.

O Município de P. da Serra- MT, através da sua Pregoeira, torna público para conhecimento dos interessados o resultado da Licitação PE ELETRÔNICO nº 011/2025, aberta no dia 14/05/2025 às 09:00 horas (Horário de Brasília). Sagraram-se vencedoras e habilitadas no certame as empresas, COTEPOSTES POSTES E TRANSFORMADORES ELETRICOS LTDA, CNPJ: 02.507.465/0001-69, Valor total: R$ 66.801,40 (sessenta seis mil oitocentos e um reais e quarenta centavos), e M&A MATERIAIS ELETRICOS E CONSTRUÇÃO LTDA, CNPJ: 54.693.472/0001-04, Valor total R$ 25.531,90 (vinte cinco mil quinhentos trinta um reais e quinze centavos) e A. LUMITA COMÉRCIO DE MATERIAIS ELÉTRICOS CONSTRUÇÃO E EQUIPAMENTOS LTDA, CNPJ n. 26.542.381/0001-24, VALOR TOTAL R$ 13.186,00 (treze mil cento oitenta seis reais). VALOR TOTAL DA LICITAÇÃO: R$ 105.519,30. ANNIELY OLIVEIRA DOS SANTOS MARQUES - PREGOEIRA.

GUAR 101 EQUIPAMENTOS FOTOVOLTAICOS LTDA, CNPJ: 48.673.084/0001-50, torna público que requereu junto à Secretaria Municipal de Desenvolvimento Econômico, Meio Ambiente e Turismo de Guarantã do Norte/MT – SMDEMAT, a Licença de Operação (LO) para a UFV Guarantã do Norte, com 5,0 MW de potência, instalada em área da matrícula 1.556, zona rural do município de Guarantã do Norte/MT.

PREFEITURA MUNICIPAL DE RONDOLÂNDIA EDITAL DE RESULTADO DE LICITAÇÃO DISPENSA DE LICITAÇÃO Nº. 033/2025 REFERENTE AO 2º ATO EMBASADO NO INCISO III "A", DO ART. 75, DA LEI 14.133/21.

A PREFEITURA MUNICIPAL DE RONDOLÂNDIA-MT, através da sua Agente de Contratação nomeada através do Decreto nº 329/GAB/PMR de 07 de Janeiro de 2025, TORNA PÚBLICO para o conhecimento dos interessados o Edital de Resultado do Julgamento de recebimento dos envelopes contendo documentos de Proposta de Preço e Habilitação referente ao procedimento licitatório sob a modalidade Dispensa de Licitação, n. 33/2025 embasado no inciso III "a" do Art.75 da Lei 14.133/21, processado nos autos do Processo Administrativo nº 230/2025, cujas especificações detalhadas encontram-se no Edital e seus anexos, objetivando a Dispensa de licitação em decorrência do insucesso da Concorrência 14/2024 destinado a CONCLUSÃO DA CONSTRUÇÃO DA CRECHE TIPO 2 - PADRÃO FNDE NAS COORDENADAS: 10°50'41.11"S - 61°27'33.94"O NO MUNICÍPIO DE RONDOLÂNDIA - MT, conforme Aditivo ao Termo de Compromisso nº 11696-FNDE, visando atender necessidade da Secretaria Municipal de Educação, Esporte e Cultura. Sagrou-se vencedora no certame a empresa: CSM CONSTRUÇÕES, SERVIÇOS E MANUTENÇÕES LTDA, CNPJ: 21.677.528/0001-70, Endereço: Rua Jose Alencar, Nº 3095, Sala 02, Bairro: Novo Cacoal, CEP: 76.692-162, Cacoal/RO, com a Proposta no valor total e global de licitação de R$ 1.168.000,07 (Um milhão e novecentos e cinquenta e oito mil e seis reais e sete centavos). Rondolândia - MT, 04 de Junho de 2025.

Keila Taiani Nascimento Freire
Agente de Contratação Decreto 329/GAB/PMR/2025
